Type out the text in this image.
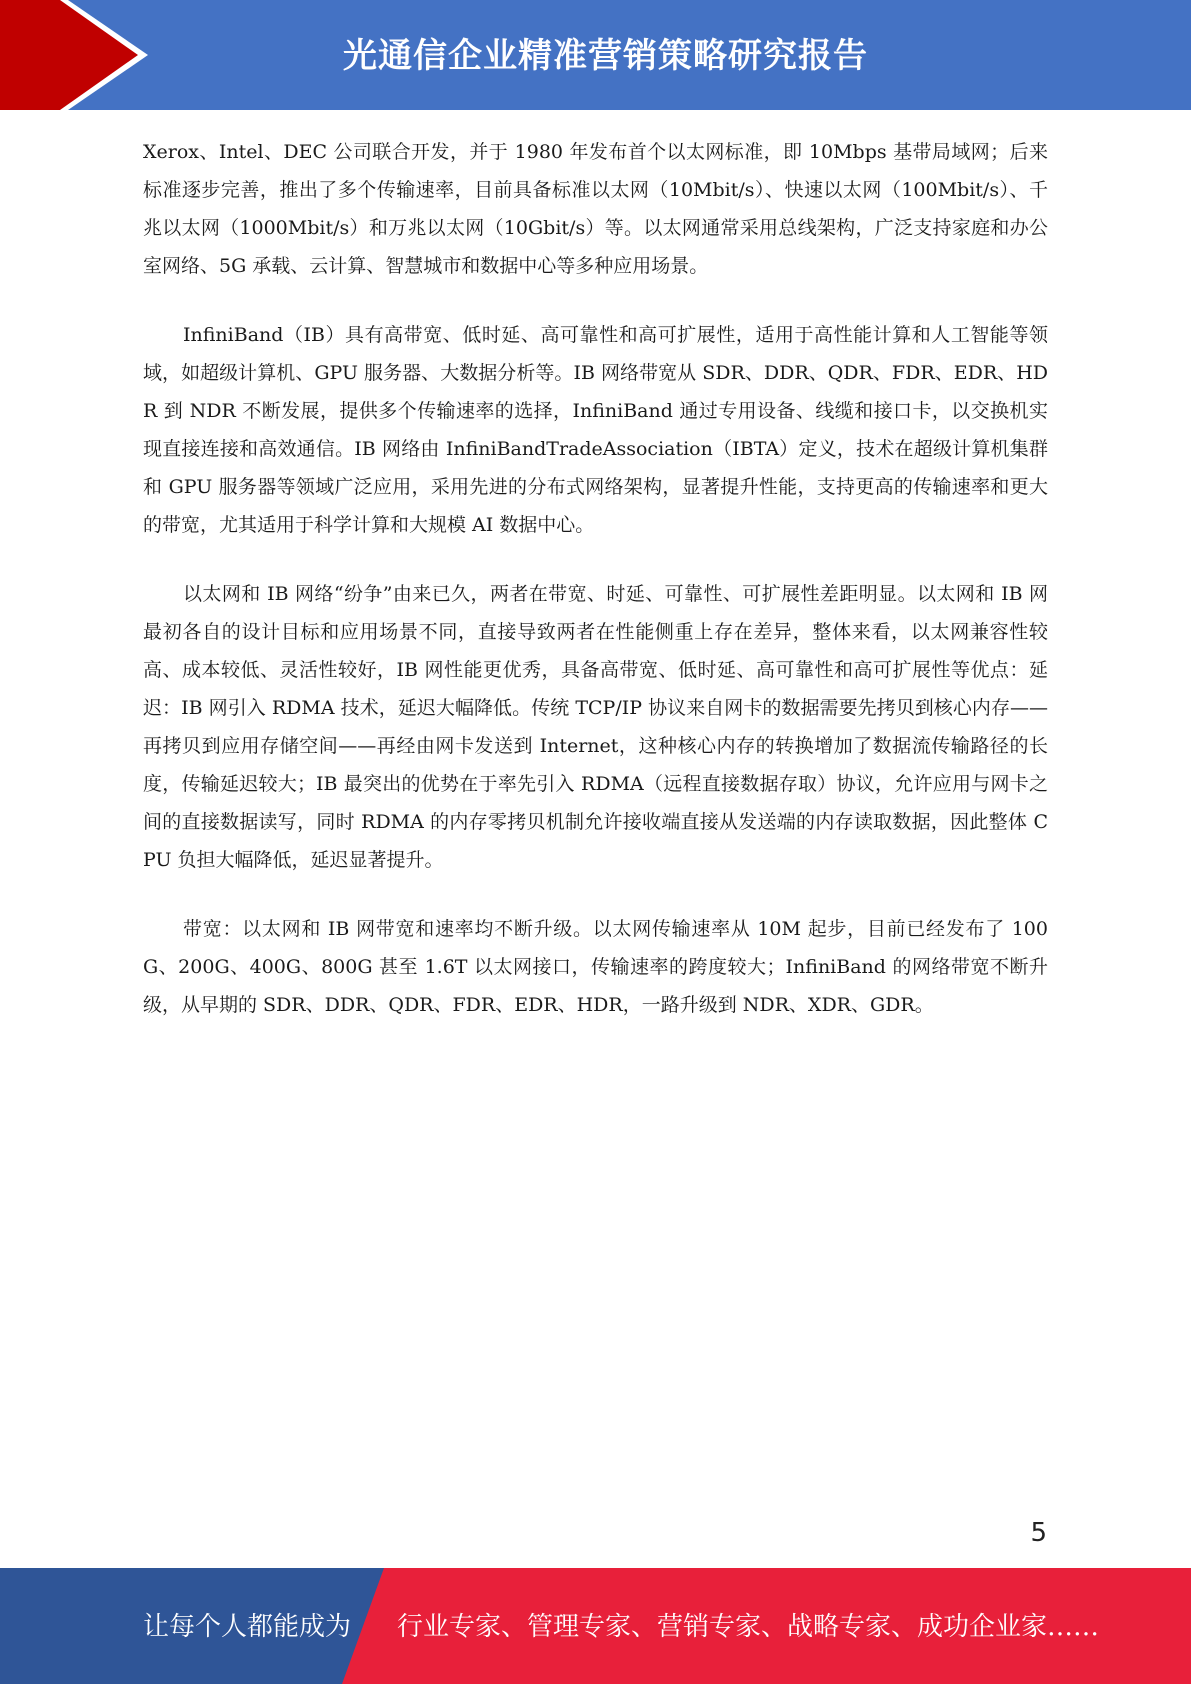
光通信企业精准营销策略研究报告

Xerox、Intel、DEC 公司联合开发，并于 1980 年发布首个以太网标准，即 10Mbps 基带局域网；后来标准逐步完善，推出了多个传输速率，目前具备标准以太网（10Mbit/s）、快速以太网（100Mbit/s）、千兆以太网（1000Mbit/s）和万兆以太网（10Gbit/s）等。以太网通常采用总线架构，广泛支持家庭和办公室网络、5G 承载、云计算、智慧城市和数据中心等多种应用场景。

InfiniBand（IB）具有高带宽、低时延、高可靠性和高可扩展性，适用于高性能计算和人工智能等领域，如超级计算机、GPU 服务器、大数据分析等。IB 网络带宽从 SDR、DDR、QDR、FDR、EDR、HDR 到 NDR 不断发展，提供多个传输速率的选择，InfiniBand 通过专用设备、线缆和接口卡，以交换机实现直接连接和高效通信。IB 网络由 InfiniBandTradeAssociation（IBTA）定义，技术在超级计算机集群和 GPU 服务器等领域广泛应用，采用先进的分布式网络架构，显著提升性能，支持更高的传输速率和更大的带宽，尤其适用于科学计算和大规模 AI 数据中心。

以太网和 IB 网络“纷争”由来已久，两者在带宽、时延、可靠性、可扩展性差距明显。以太网和 IB 网最初各自的设计目标和应用场景不同，直接导致两者在性能侧重上存在差异，整体来看，以太网兼容性较高、成本较低、灵活性较好，IB 网性能更优秀，具备高带宽、低时延、高可靠性和高可扩展性等优点：延迟：IB 网引入 RDMA 技术，延迟大幅降低。传统 TCP/IP 协议来自网卡的数据需要先拷贝到核心内存——再拷贝到应用存储空间——再经由网卡发送到 Internet，这种核心内存的转换增加了数据流传输路径的长度，传输延迟较大；IB 最突出的优势在于率先引入 RDMA（远程直接数据存取）协议，允许应用与网卡之间的直接数据读写，同时 RDMA 的内存零拷贝机制允许接收端直接从发送端的内存读取数据，因此整体 CPU 负担大幅降低，延迟显著提升。

带宽：以太网和 IB 网带宽和速率均不断升级。以太网传输速率从 10M 起步，目前已经发布了 100G、200G、400G、800G 甚至 1.6T 以太网接口，传输速率的跨度较大；InfiniBand 的网络带宽不断升级，从早期的 SDR、DDR、QDR、FDR、EDR、HDR，一路升级到 NDR、XDR、GDR。

5
让每个人都能成为 行业专家、管理专家、营销专家、战略专家、成功企业家……
